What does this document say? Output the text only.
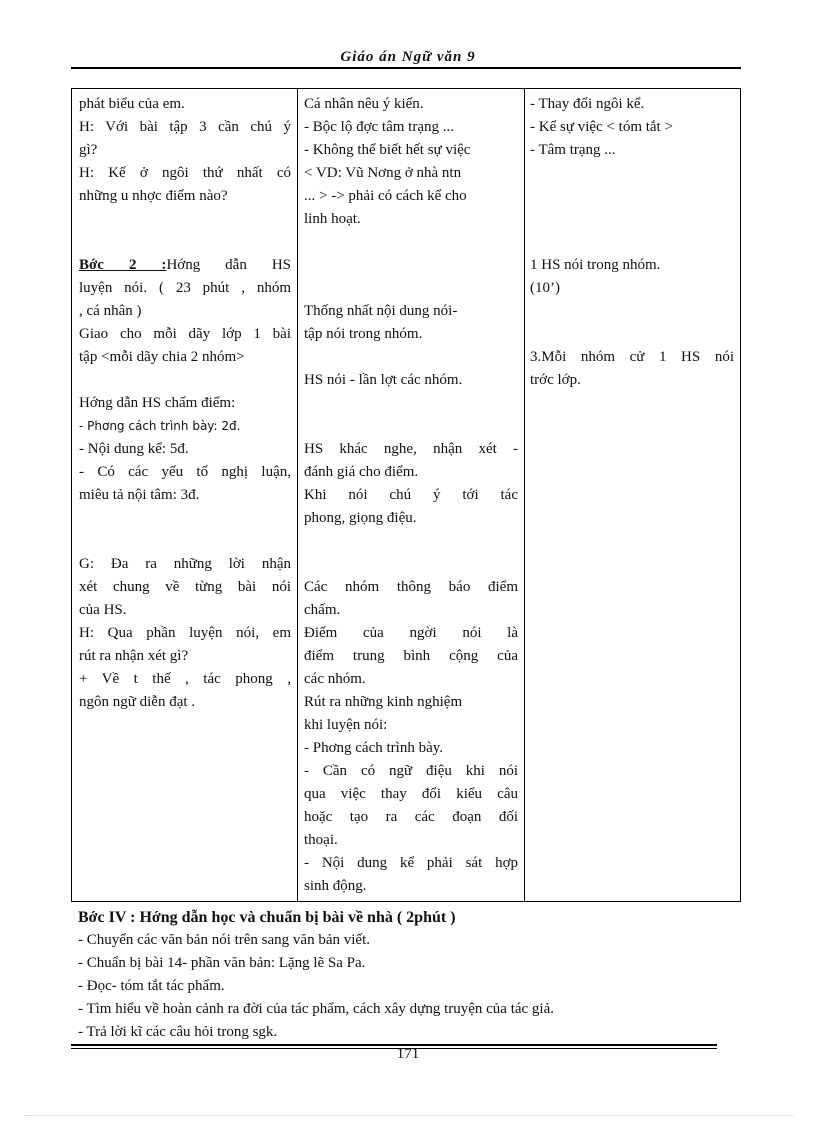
Giáo án Ngữ văn 9
phát biểu của em.
H: Với bài tập 3 cần chú ý
gì?
H: Kể ở ngôi thứ nhất có
những u nhợc điểm nào?
Bớc 2 :Hớng dẫn HS
luyện nói. ( 23 phút , nhóm
, cá nhân )
Giao cho mỗi dãy lớp 1 bài
tập <mỗi dãy chia 2 nhóm>
Hớng dẫn HS chấm điểm:
- Phơng cách trình bày: 2đ.
- Nội dung kể: 5đ.
- Có các yếu tố nghị luận,
miêu tả nội tâm: 3đ.
G: Đa ra những lời nhận
xét chung về từng bài nói
của HS.
H: Qua phần luyện nói, em
rút ra nhận xét gì?
+ Về t thế , tác phong ,
ngôn ngữ diễn đạt .
Cá nhân nêu ý kiến.
- Bộc lộ đợc tâm trạng ...
- Không thể biết hết sự việc
< VD: Vũ Nơng ở nhà ntn
... > -> phải có cách kể cho
linh hoạt.
Thống nhất nội dung nói-
tập nói trong nhóm.
HS nói - lần lợt các nhóm.
HS khác nghe, nhận xét -
đánh giá cho điểm.
Khi nói chú ý tới tác
phong, giọng điệu.
Các nhóm thông báo điểm
chấm.
Điểm của ngời nói là
điểm trung bình cộng của
các nhóm.
Rút ra những kinh nghiệm
khi luyện nói:
- Phơng cách trình bày.
- Cần có ngữ điệu khi nói
qua việc thay đổi kiểu câu
hoặc tạo ra các đoạn đối
thoại.
- Nội dung kể phải sát hợp
sinh động.
- Thay đổi ngôi kể.
- Kể sự việc < tóm tắt >
- Tâm trạng ...
1 HS nói trong nhóm.
(10’)
3.Mỗi nhóm cử 1 HS nói
trớc lớp.
Bớc IV : Hớng dẫn học và chuẩn bị bài về nhà ( 2phút )
- Chuyển các văn bản nói trên sang văn bản viết.
- Chuẩn bị bài 14- phần văn bản: Lặng lẽ Sa Pa.
- Đọc- tóm tắt tác phẩm.
- Tìm hiểu về hoàn cảnh ra đời của tác phẩm, cách xây dựng truyện của tác giả.
- Trả lời kĩ các câu hỏi trong sgk.
171
